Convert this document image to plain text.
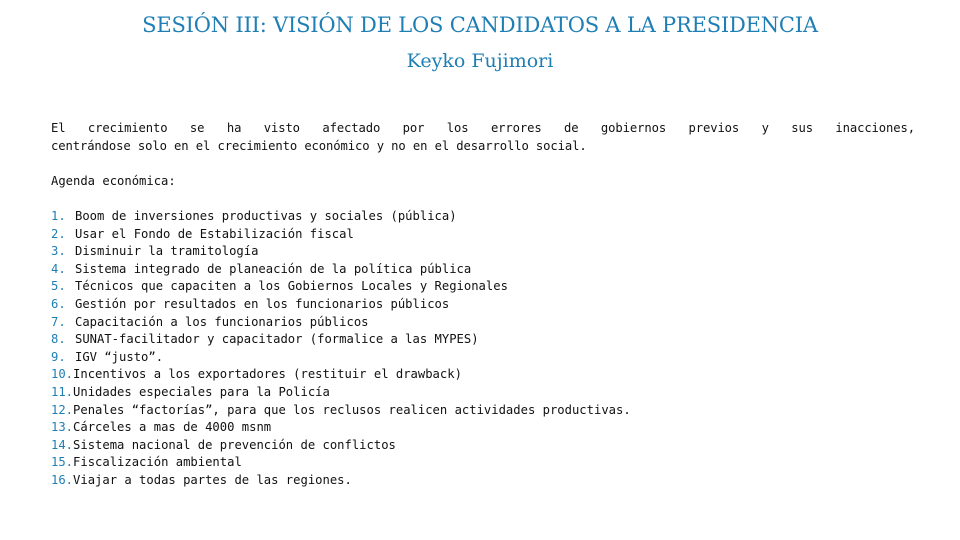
SESIÓN III: VISIÓN DE LOS CANDIDATOS A LA PRESIDENCIA
Keyko Fujimori

El crecimiento se ha visto afectado por los errores de gobiernos previos y sus inacciones,
centrándose solo en el crecimiento económico y no en el desarrollo social.

Agenda económica:
1. Boom de inversiones productivas y sociales (pública)
2. Usar el Fondo de Estabilización fiscal
3. Disminuir la tramitología
4. Sistema integrado de planeación de la política pública
5. Técnicos que capaciten a los Gobiernos Locales y Regionales
6. Gestión por resultados en los funcionarios públicos
7. Capacitación a los funcionarios públicos
8. SUNAT-facilitador y capacitador (formalice a las MYPES)
9. IGV “justo”.
10. Incentivos a los exportadores (restituir el drawback)
11. Unidades especiales para la Policía
12. Penales “factorías”, para que los reclusos realicen actividades productivas.
13. Cárceles a mas de 4000 msnm
14. Sistema nacional de prevención de conflictos
15. Fiscalización ambiental
16. Viajar a todas partes de las regiones.
